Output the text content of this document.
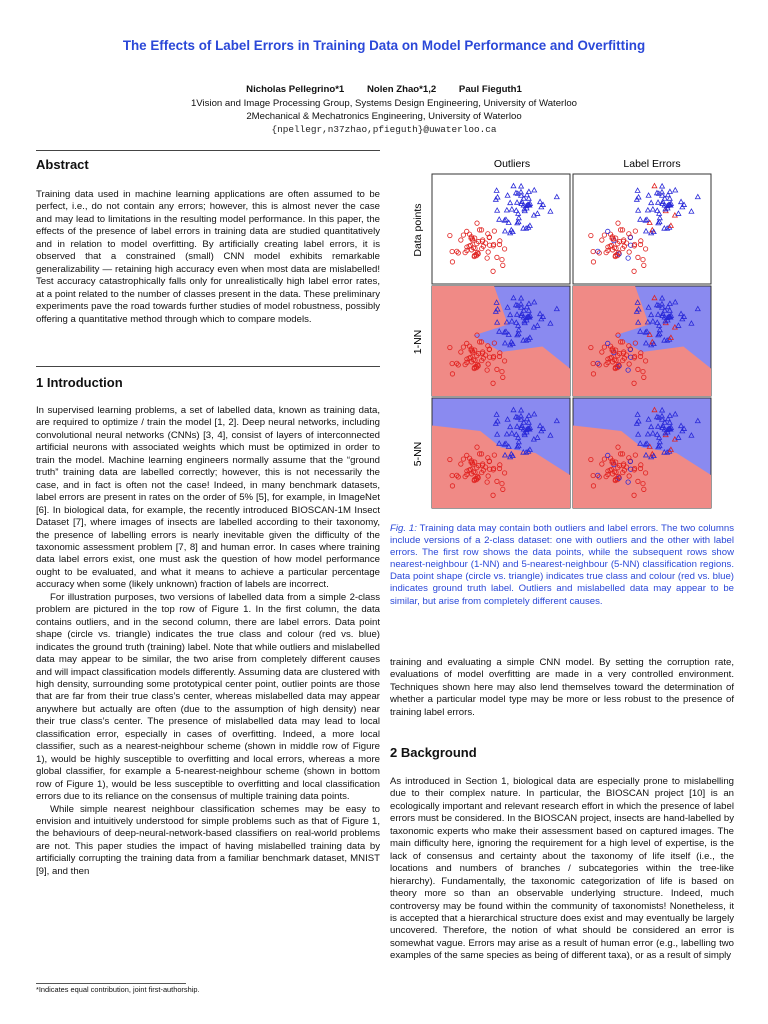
The Effects of Label Errors in Training Data on Model Performance and Overfitting
Nicholas Pellegrino*1 Nolen Zhao*1,2 Paul Fieguth1
1Vision and Image Processing Group, Systems Design Engineering, University of Waterloo
2Mechanical & Mechatronics Engineering, University of Waterloo
{npellegr,n37zhao,pfieguth}@uwaterloo.ca
Abstract

Training data used in machine learning applications are often assumed to be perfect, i.e., do not contain any errors; however, this is almost never the case and may lead to limitations in the resulting model performance. In this paper, the effects of the presence of label errors in training data are studied quantitatively and in relation to model overfitting. By artificially creating label errors, it is observed that a constrained (small) CNN model exhibits remarkable generalizability — retaining high accuracy even when most data are mislabelled! Test accuracy catastrophically falls only for unrealistically high label error rates, at a point related to the number of classes present in the data. These preliminary experiments pave the road towards further studies of model robustness, possibly offering a quantitative method through which to compare models.

1 Introduction

In supervised learning problems, a set of labelled data, known as training data, are required to optimize / train the model [1, 2]. Deep neural networks, including convolutional neural networks (CNNs) [3, 4], consist of layers of interconnected artificial neurons with associated weights which must be optimized in order to train the model. Machine learning engineers normally assume that the “ground truth” training data are labelled correctly; however, this is not necessarily the case, and in fact is often not the case! Indeed, in many benchmark datasets, label errors are present in rates on the order of 5% [5], for example, in ImageNet [6]. In biological data, for example, the recently introduced BIOSCAN-1M Insect Dataset [7], where images of insects are labelled according to their taxonomy, the presence of labelling errors is nearly inevitable given the difficulty of the taxonomic assessment problem [7, 8] and human error. In cases where training data label errors exist, one must ask the question of how model performance ought to be evaluated, and what it means to achieve a particular percentage accuracy when some (likely unknown) fraction of labels are incorrect.

For illustration purposes, two versions of labelled data from a simple 2-class problem are pictured in the top row of Figure 1. In the first column, the data contains outliers, and in the second column, there are label errors. Data point shape (circle vs. triangle) indicates the true class and colour (red vs. blue) indicates the ground truth (training) label. Note that while outliers and mislabelled data may appear to be similar, the two arise from completely different causes and will impact classification models differently. Assuming data are clustered with high density, surrounding some prototypical center point, outlier points are those that are far from their true class’s center, whereas mislabelled data may appear anywhere but actually are often (due to the assumption of high density) near their true class’s center. The presence of mislabelled data may lead to local classification error, especially in cases of overfitting. Indeed, a more local classifier, such as a nearest-neighbour scheme (shown in middle row of Figure 1), would be highly susceptible to overfitting and local errors, whereas a more global classifier, for example a 5-nearest-neighbour scheme (shown in bottom row of Figure 1), would be less susceptible to overfitting and local classification errors due to its reliance on the consensus of multiple training data points.

While simple nearest neighbour classification schemes may be easy to envision and intuitively understood for simple problems such as that of Figure 1, the behaviours of deep-neural-network-based classifiers on real-world problems are not. This paper studies the impact of having mislabelled training data by artificially corrupting the training data from a familiar benchmark dataset, MNIST [9], and then

*Indicates equal contribution, joint first-authorship.
Outliers	Label Errors
Data points
1-NN
5-NN
Fig. 1: Training data may contain both outliers and label errors. The two columns include versions of a 2-class dataset: one with outliers and the other with label errors. The first row shows the data points, while the subsequent rows show nearest-neighbour (1-NN) and 5-nearest-neighbour (5-NN) classification regions. Data point shape (circle vs. triangle) indicates true class and colour (red vs. blue) indicates ground truth label. Outliers and mislabelled data may appear to be similar, but arise from completely different causes.

training and evaluating a simple CNN model. By setting the corruption rate, evaluations of model overfitting are made in a very controlled environment. Techniques shown here may also lend themselves toward the determination of whether a particular model type may be more or less robust to the presence of training label errors.

2 Background

As introduced in Section 1, biological data are especially prone to mislabelling due to their complex nature. In particular, the BIOSCAN project [10] is an ecologically important and relevant research effort in which the presence of label errors must be considered. In the BIOSCAN project, insects are hand-labelled by taxonomic experts who make their assessment based on captured images. The main difficulty here, ignoring the requirement for a high level of expertise, is the lack of consensus and certainty about the taxonomy of life itself (i.e., the locations and numbers of branches / subcategories within the tree-like hierarchy). Fundamentally, the taxonomic categorization of life is based on theory more so than an observable underlying structure. Indeed, much controversy may be found within the community of taxonomists! Nonetheless, it is accepted that a hierarchical structure does exist and may eventually be largely uncovered. Therefore, the notion of what should be considered an error is somewhat vague. Errors may arise as a result of human error (e.g., labelling two examples of the same species as being of different taxa), or as a result of simply
